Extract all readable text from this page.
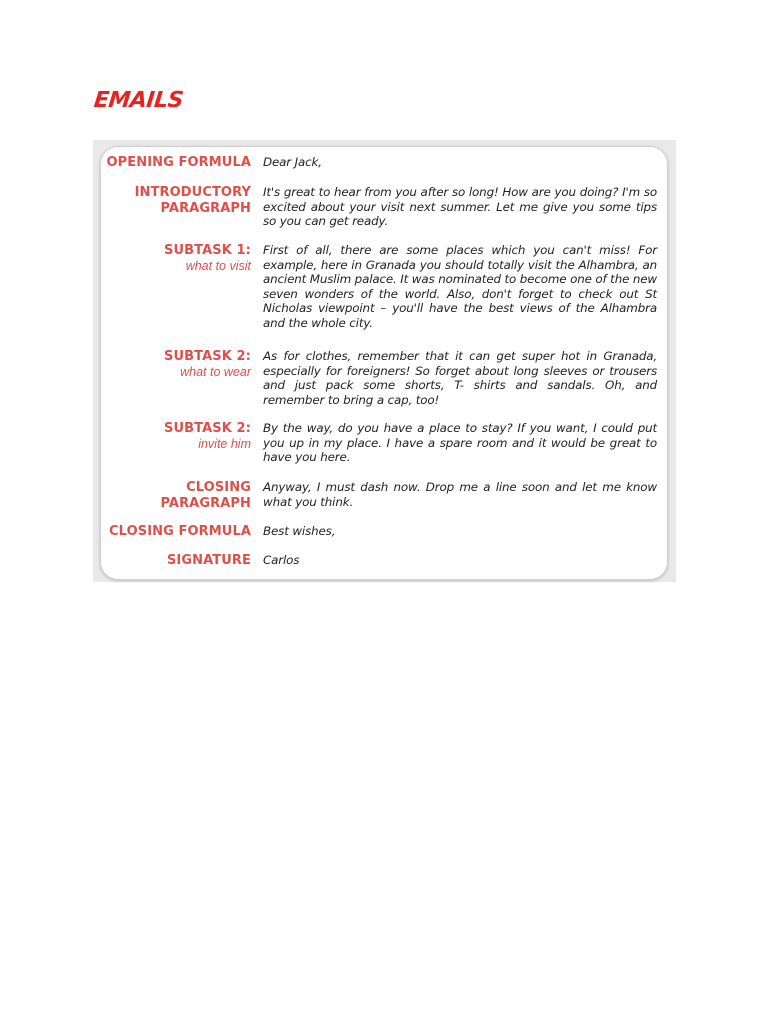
EMAILS
OPENING FORMULA Dear Jack,
INTRODUCTORY
PARAGRAPH
It's great to hear from you after so long! How are you doing? I'm so excited about your visit next summer. Let me give you some tips so you can get ready.
SUBTASK 1:
what to visit
First of all, there are some places which you can't miss! For example, here in Granada you should totally visit the Alhambra, an ancient Muslim palace. It was nominated to become one of the new seven wonders of the world. Also, don't forget to check out St Nicholas viewpoint – you'll have the best views of the Alhambra and the whole city.
SUBTASK 2:
what to wear
As for clothes, remember that it can get super hot in Granada, especially for foreigners! So forget about long sleeves or trousers and just pack some shorts, T- shirts and sandals. Oh, and remember to bring a cap, too!
SUBTASK 2:
invite him
By the way, do you have a place to stay? If you want, I could put you up in my place. I have a spare room and it would be great to have you here.
CLOSING
PARAGRAPH
Anyway, I must dash now. Drop me a line soon and let me know what you think.
CLOSING FORMULA Best wishes,
SIGNATURE Carlos
